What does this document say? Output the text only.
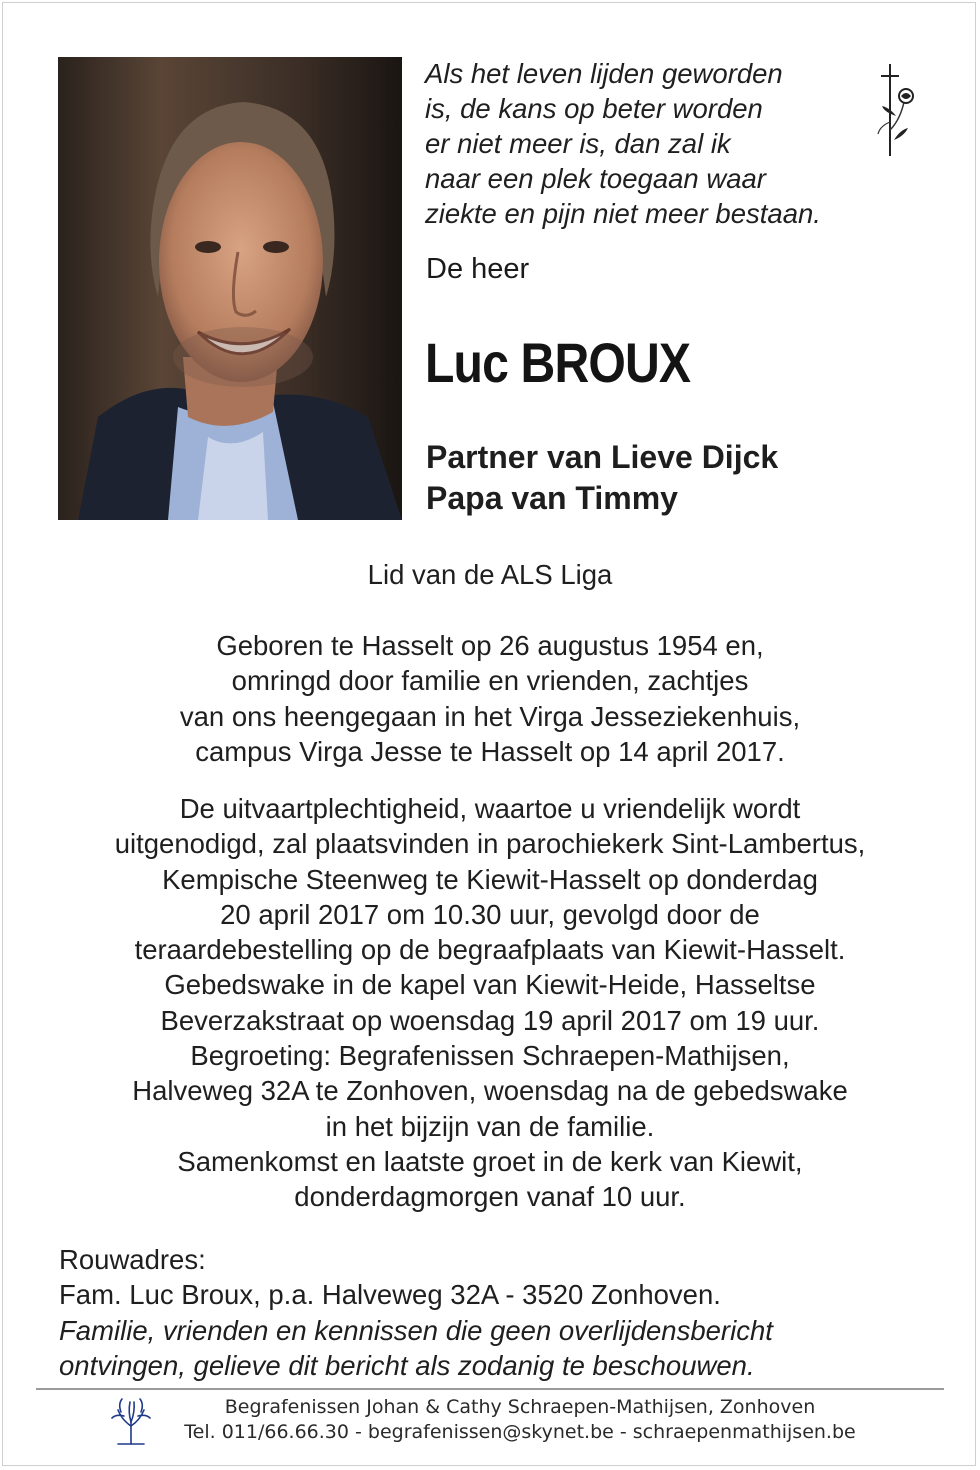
Als het leven lijden geworden
is, de kans op beter worden
er niet meer is, dan zal ik
naar een plek toegaan waar
ziekte en pijn niet meer bestaan.
De heer
Luc BROUX
Partner van Lieve Dijck
Papa van Timmy
Lid van de ALS Liga
Geboren te Hasselt op 26 augustus 1954 en,
omringd door familie en vrienden, zachtjes
van ons heengegaan in het Virga Jesseziekenhuis,
campus Virga Jesse te Hasselt op 14 april 2017.
De uitvaartplechtigheid, waartoe u vriendelijk wordt
uitgenodigd, zal plaatsvinden in parochiekerk Sint-Lambertus,
Kempische Steenweg te Kiewit-Hasselt op donderdag
20 april 2017 om 10.30 uur, gevolgd door de
teraardebestelling op de begraafplaats van Kiewit-Hasselt.
Gebedswake in de kapel van Kiewit-Heide, Hasseltse
Beverzakstraat op woensdag 19 april 2017 om 19 uur.
Begroeting: Begrafenissen Schraepen-Mathijsen,
Halveweg 32A te Zonhoven, woensdag na de gebedswake
in het bijzijn van de familie.
Samenkomst en laatste groet in de kerk van Kiewit,
donderdagmorgen vanaf 10 uur.
Rouwadres:
Fam. Luc Broux, p.a. Halveweg 32A - 3520 Zonhoven.
Familie, vrienden en kennissen die geen overlijdensbericht
ontvingen, gelieve dit bericht als zodanig te beschouwen.
Begrafenissen Johan & Cathy Schraepen-Mathijsen, Zonhoven
Tel. 011/66.66.30 - begrafenissen@skynet.be - schraepenmathijsen.be
